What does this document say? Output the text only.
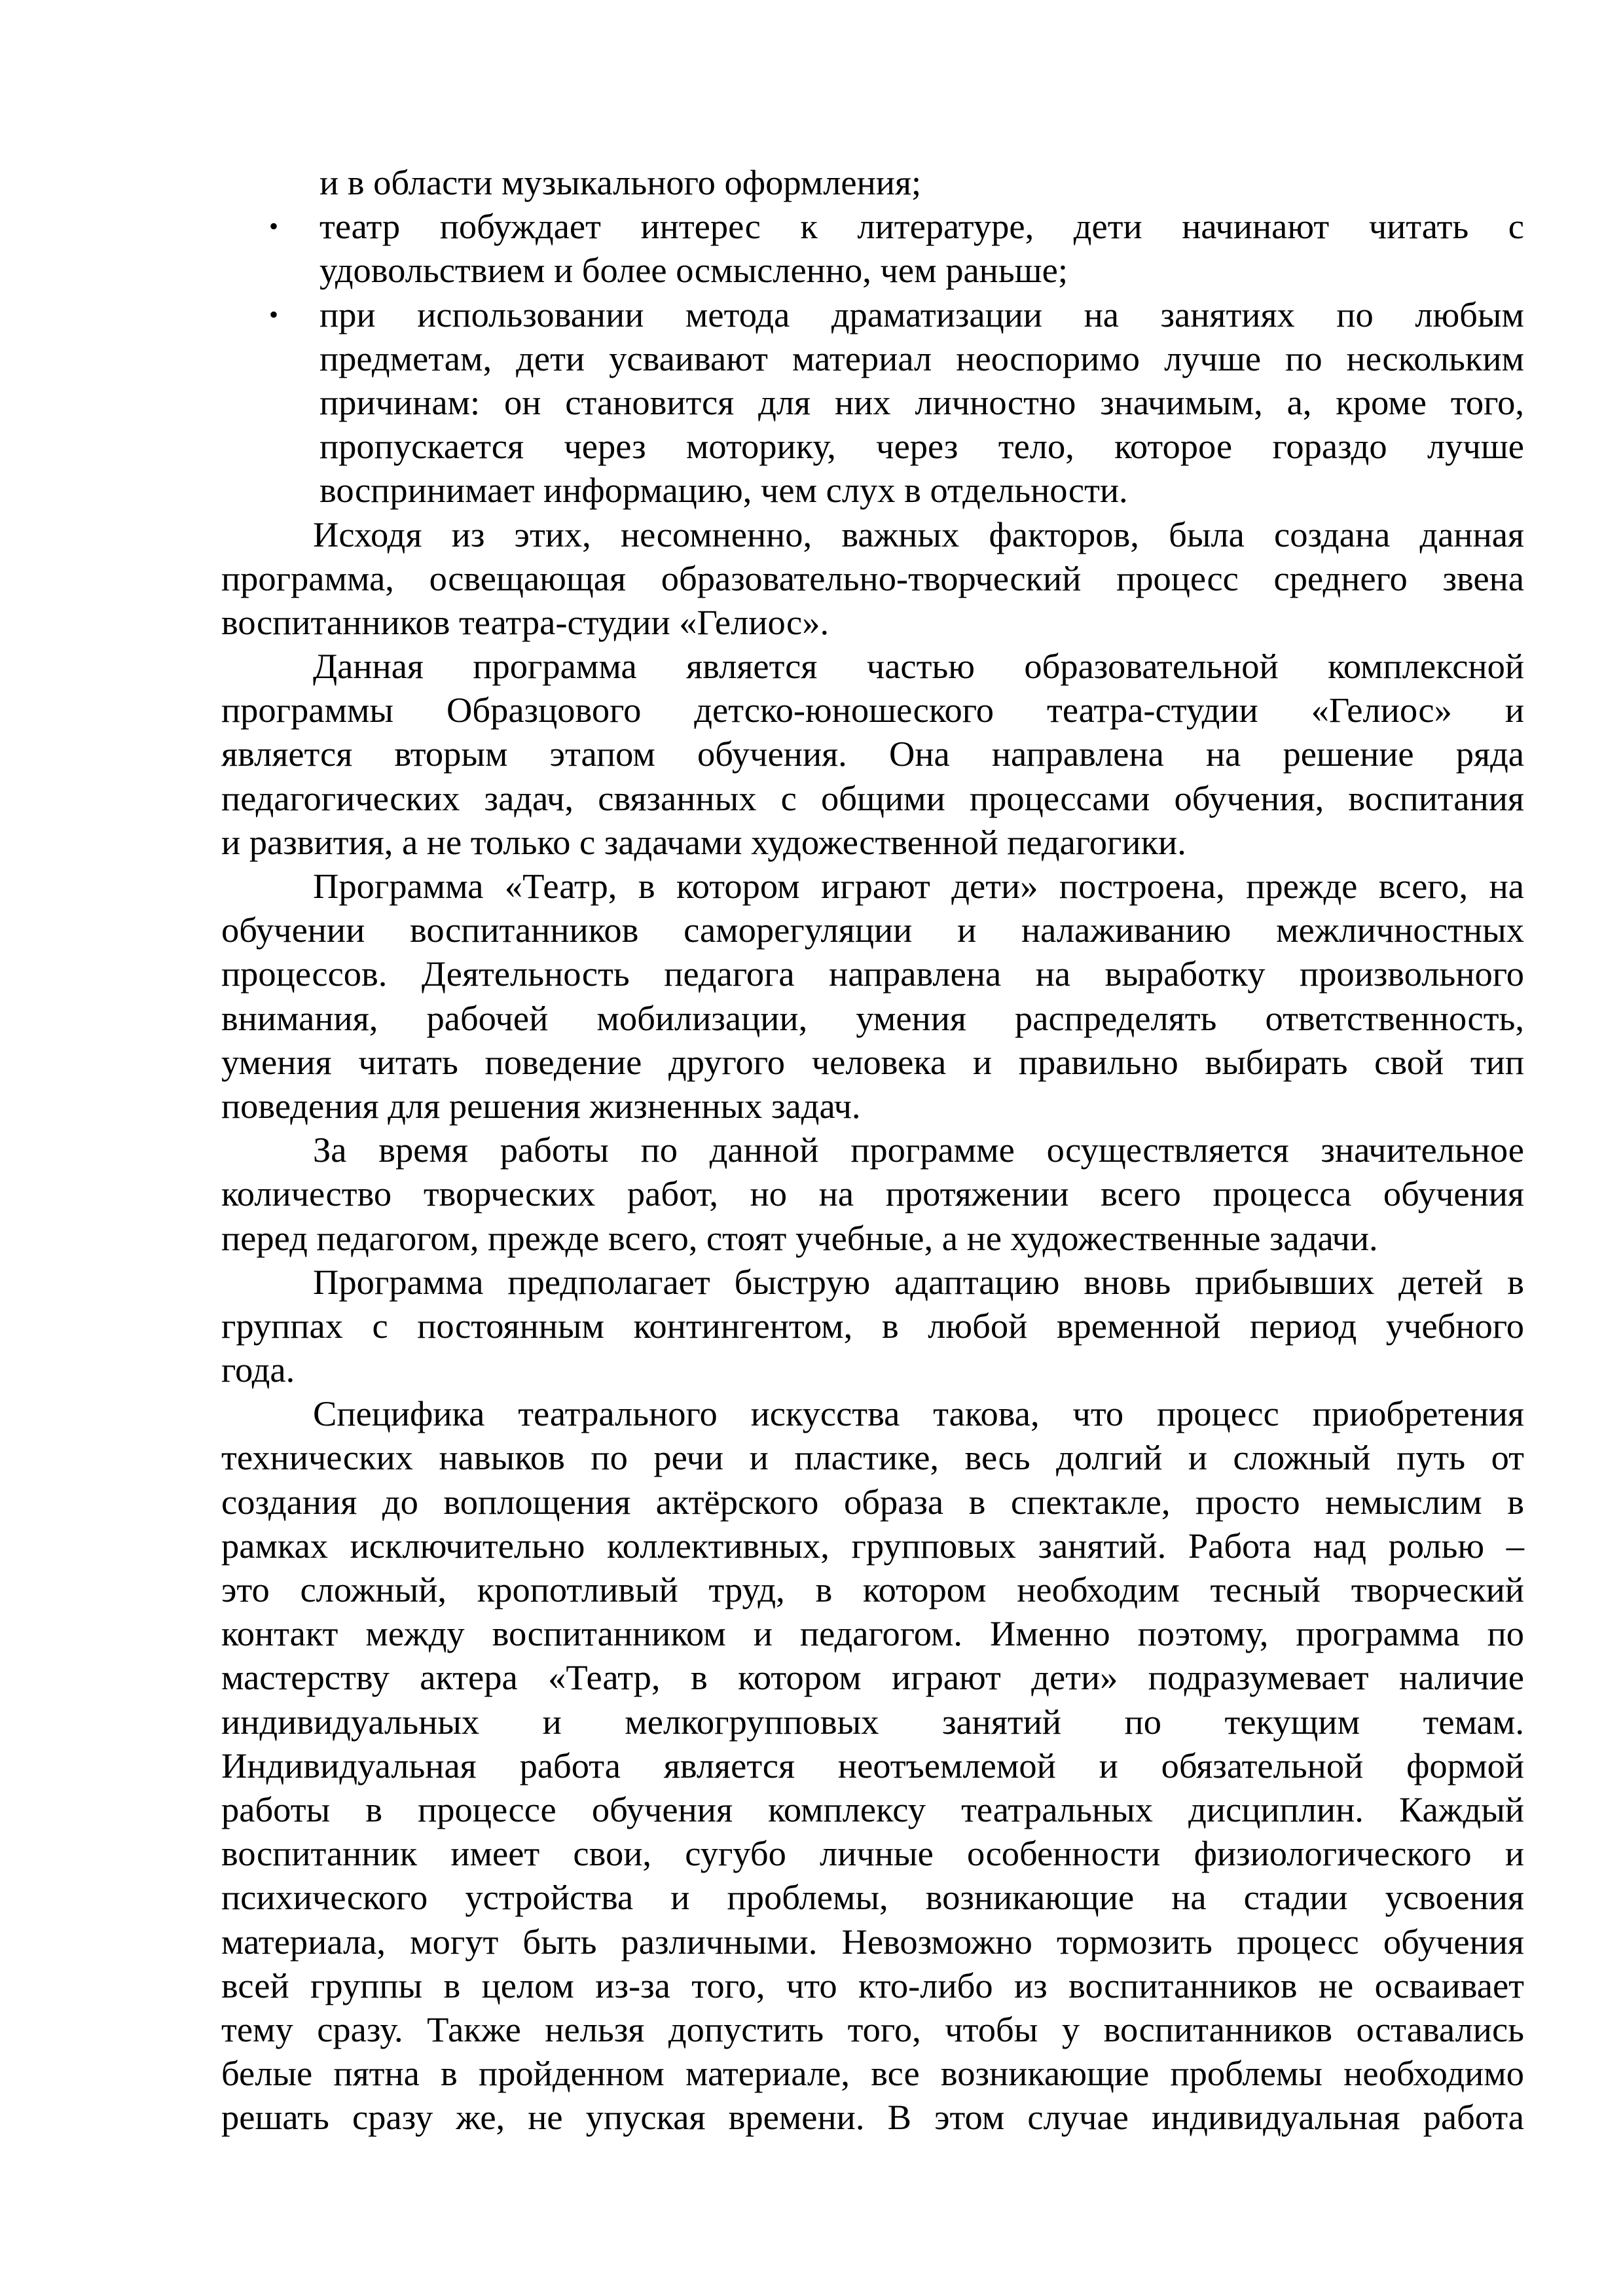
и в области музыкального оформления;
• театр побуждает интерес к литературе, дети начинают читать с
удовольствием и более осмысленно, чем раньше;
• при использовании метода драматизации на занятиях по любым
предметам, дети усваивают материал неоспоримо лучше по нескольким
причинам: он становится для них личностно значимым, а, кроме того,
пропускается через моторику, через тело, которое гораздо лучше
воспринимает информацию, чем слух в отдельности.
Исходя из этих, несомненно, важных факторов, была создана данная
программа, освещающая образовательно-творческий процесс среднего звена
воспитанников театра-студии «Гелиос».
Данная программа является частью образовательной комплексной
программы Образцового детско-юношеского театра-студии «Гелиос» и
является вторым этапом обучения. Она направлена на решение ряда
педагогических задач, связанных с общими процессами обучения, воспитания
и развития, а не только с задачами художественной педагогики.
Программа «Театр, в котором играют дети» построена, прежде всего, на
обучении воспитанников саморегуляции и налаживанию межличностных
процессов. Деятельность педагога направлена на выработку произвольного
внимания, рабочей мобилизации, умения распределять ответственность,
умения читать поведение другого человека и правильно выбирать свой тип
поведения для решения жизненных задач.
За время работы по данной программе осуществляется значительное
количество творческих работ, но на протяжении всего процесса обучения
перед педагогом, прежде всего, стоят учебные, а не художественные задачи.
Программа предполагает быструю адаптацию вновь прибывших детей в
группах с постоянным контингентом, в любой временной период учебного
года.
Специфика театрального искусства такова, что процесс приобретения
технических навыков по речи и пластике, весь долгий и сложный путь от
создания до воплощения актёрского образа в спектакле, просто немыслим в
рамках исключительно коллективных, групповых занятий. Работа над ролью –
это сложный, кропотливый труд, в котором необходим тесный творческий
контакт между воспитанником и педагогом. Именно поэтому, программа по
мастерству актера «Театр, в котором играют дети» подразумевает наличие
индивидуальных и мелкогрупповых занятий по текущим темам.
Индивидуальная работа является неотъемлемой и обязательной формой
работы в процессе обучения комплексу театральных дисциплин. Каждый
воспитанник имеет свои, сугубо личные особенности физиологического и
психического устройства и проблемы, возникающие на стадии усвоения
материала, могут быть различными. Невозможно тормозить процесс обучения
всей группы в целом из-за того, что кто-либо из воспитанников не осваивает
тему сразу. Также нельзя допустить того, чтобы у воспитанников оставались
белые пятна в пройденном материале, все возникающие проблемы необходимо
решать сразу же, не упуская времени. В этом случае индивидуальная работа
